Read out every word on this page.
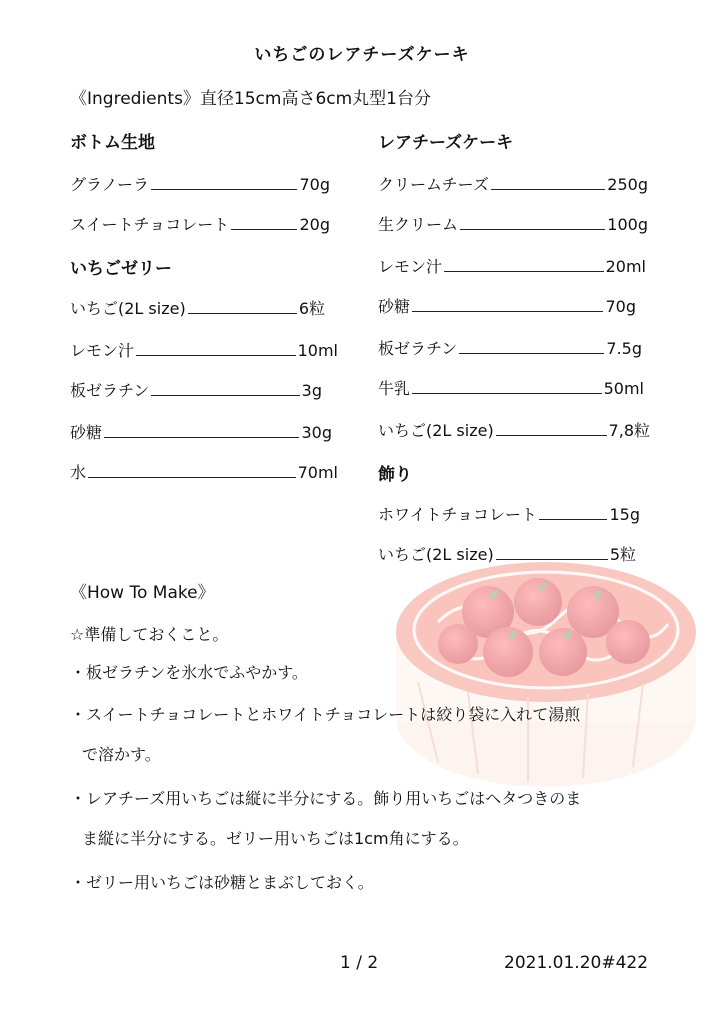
いちごのレアチーズケーキ
《Ingredients》直径15cm高さ6cm丸型1台分
ボトム生地
グラノーラ	70g
スイートチョコレート	20g
いちごゼリー
いちご(2L size)	6粒
レモン汁	10ml
板ゼラチン	3g
砂糖	30g
水	70ml
レアチーズケーキ
クリームチーズ	250g
生クリーム	100g
レモン汁	20ml
砂糖	70g
板ゼラチン	7.5g
牛乳	50ml
いちご(2L size)	7,8粒
飾り
ホワイトチョコレート	15g
いちご(2L size)	5粒
《How To Make》
☆準備しておくこと。
・板ゼラチンを氷水でふやかす。
・スイートチョコレートとホワイトチョコレートは絞り袋に入れて湯煎
で溶かす。
・レアチーズ用いちごは縦に半分にする。飾り用いちごはヘタつきのま
ま縦に半分にする。ゼリー用いちごは1cm角にする。
・ゼリー用いちごは砂糖とまぶしておく。
1 / 2	2021.01.20#422
